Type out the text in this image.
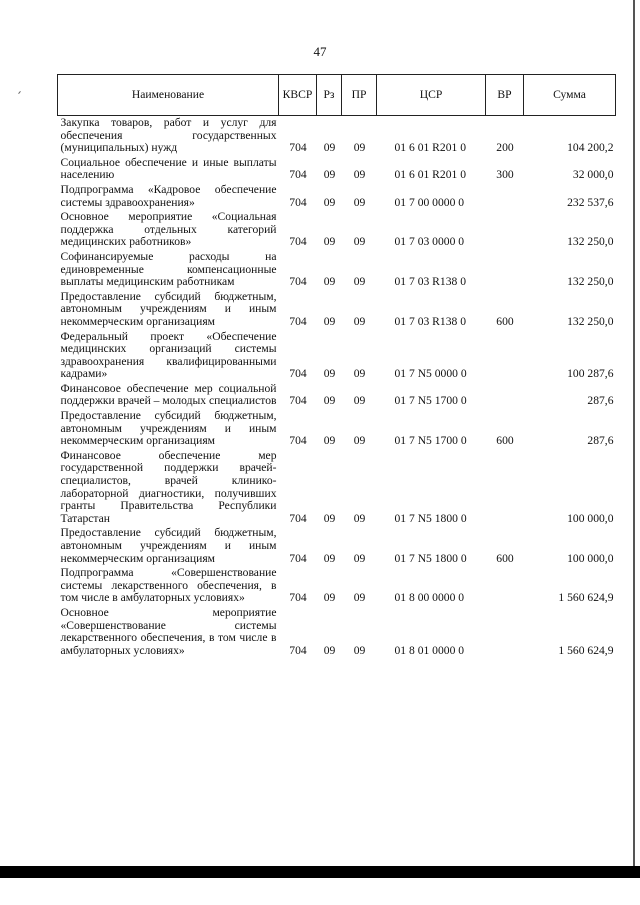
47
Наименование	КВСР	Рз	ПР	ЦСР	ВР	Сумма
Закупка товаров, работ и услуг для обеспечения государственных (муниципальных) нужд	704	09	09	01 6 01 R201 0	200	104 200,2
Социальное обеспечение и иные выплаты населению	704	09	09	01 6 01 R201 0	300	32 000,0
Подпрограмма «Кадровое обеспечение системы здравоохранения»	704	09	09	01 7 00 0000 0		232 537,6
Основное мероприятие «Социальная поддержка отдельных категорий медицинских работников»	704	09	09	01 7 03 0000 0		132 250,0
Софинансируемые расходы на единовременные компенсационные выплаты медицинским работникам	704	09	09	01 7 03 R138 0		132 250,0
Предоставление субсидий бюджетным, автономным учреждениям и иным некоммерческим организациям	704	09	09	01 7 03 R138 0	600	132 250,0
Федеральный проект «Обеспечение медицинских организаций системы здравоохранения квалифицированными кадрами»	704	09	09	01 7 N5 0000 0		100 287,6
Финансовое обеспечение мер социальной поддержки врачей – молодых специалистов	704	09	09	01 7 N5 1700 0		287,6
Предоставление субсидий бюджетным, автономным учреждениям и иным некоммерческим организациям	704	09	09	01 7 N5 1700 0	600	287,6
Финансовое обеспечение мер государственной поддержки врачей-специалистов, врачей клинико-лабораторной диагностики, получивших гранты Правительства Республики Татарстан	704	09	09	01 7 N5 1800 0		100 000,0
Предоставление субсидий бюджетным, автономным учреждениям и иным некоммерческим организациям	704	09	09	01 7 N5 1800 0	600	100 000,0
Подпрограмма «Совершенствование системы лекарственного обеспечения, в том числе в амбулаторных условиях»	704	09	09	01 8 00 0000 0		1 560 624,9
Основное мероприятие «Совершенствование системы лекарственного обеспечения, в том числе в амбулаторных условиях»	704	09	09	01 8 01 0000 0		1 560 624,9
